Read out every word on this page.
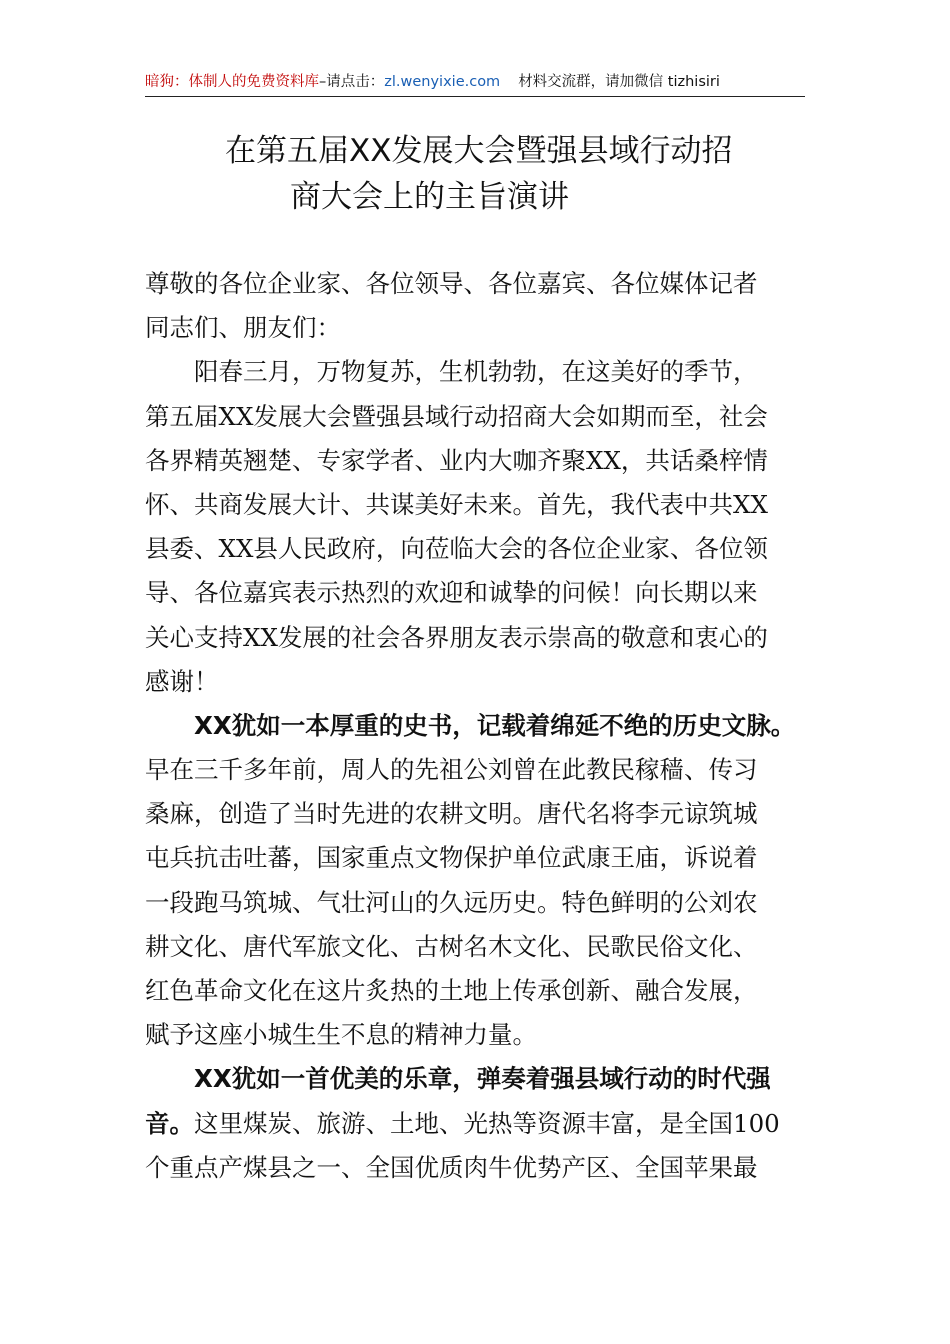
暗狗：体制人的免费资料库–请点击：zl.wenyixie.com 材料交流群，请加微信 tizhisiri
在第五届XX发展大会暨强县域行动招
商大会上的主旨演讲
尊敬的各位企业家、各位领导、各位嘉宾、各位媒体记者
同志们、朋友们：
阳春三月，万物复苏，生机勃勃，在这美好的季节，
第五届XX发展大会暨强县域行动招商大会如期而至，社会
各界精英翘楚、专家学者、业内大咖齐聚XX，共话桑梓情
怀、共商发展大计、共谋美好未来。首先，我代表中共XX
县委、XX县人民政府，向莅临大会的各位企业家、各位领
导、各位嘉宾表示热烈的欢迎和诚挚的问候！向长期以来
关心支持XX发展的社会各界朋友表示崇高的敬意和衷心的
感谢！
XX犹如一本厚重的史书，记载着绵延不绝的历史文脉。
早在三千多年前，周人的先祖公刘曾在此教民稼穑、传习
桑麻，创造了当时先进的农耕文明。唐代名将李元谅筑城
屯兵抗击吐蕃，国家重点文物保护单位武康王庙，诉说着
一段跑马筑城、气壮河山的久远历史。特色鲜明的公刘农
耕文化、唐代军旅文化、古树名木文化、民歌民俗文化、
红色革命文化在这片炙热的土地上传承创新、融合发展，
赋予这座小城生生不息的精神力量。
XX犹如一首优美的乐章，弹奏着强县域行动的时代强
音。这里煤炭、旅游、土地、光热等资源丰富，是全国100
个重点产煤县之一、全国优质肉牛优势产区、全国苹果最
